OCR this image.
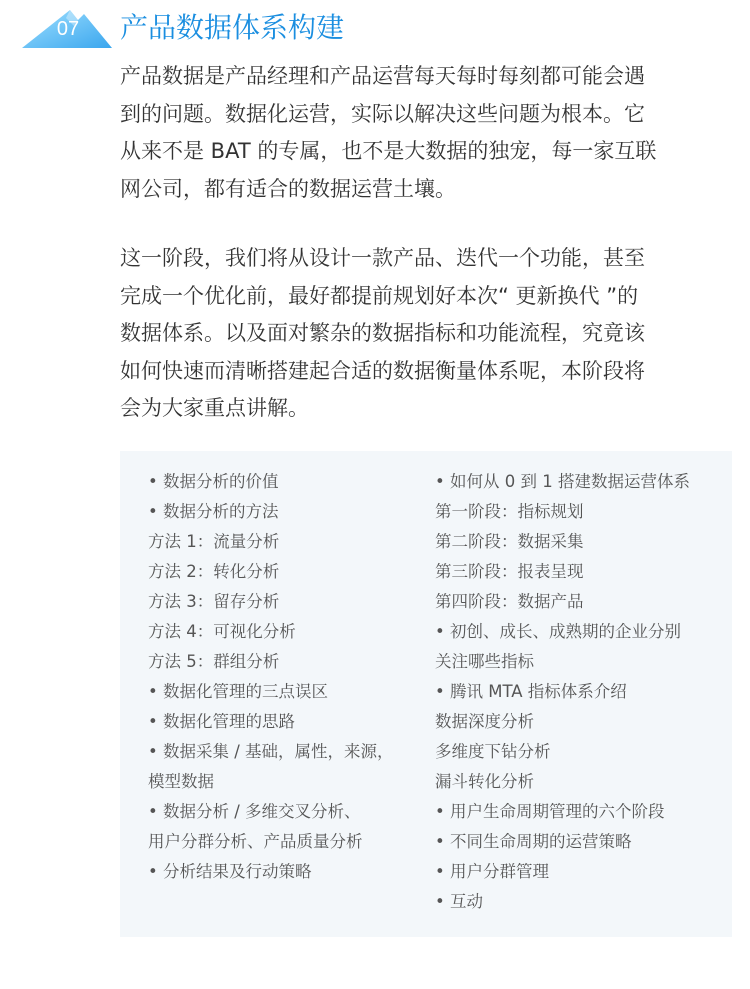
07	产品数据体系构建
产品数据是产品经理和产品运营每天每时每刻都可能会遇
到的问题。数据化运营，实际以解决这些问题为根本。它
从来不是 BAT 的专属，也不是大数据的独宠，每一家互联
网公司，都有适合的数据运营土壤。
这一阶段，我们将从设计一款产品、迭代一个功能，甚至
完成一个优化前，最好都提前规划好本次“ 更新换代 ”的
数据体系。以及面对繁杂的数据指标和功能流程，究竟该
如何快速而清晰搭建起合适的数据衡量体系呢，本阶段将
会为大家重点讲解。
• 数据分析的价值
• 数据分析的方法
方法 1：流量分析
方法 2：转化分析
方法 3：留存分析
方法 4：可视化分析
方法 5：群组分析
• 数据化管理的三点误区
• 数据化管理的思路
• 数据采集 / 基础，属性，来源，
模型数据
• 数据分析 / 多维交叉分析、
用户分群分析、产品质量分析
• 分析结果及行动策略
• 如何从 0 到 1 搭建数据运营体系
第一阶段：指标规划
第二阶段：数据采集
第三阶段：报表呈现
第四阶段：数据产品
• 初创、成长、成熟期的企业分别
关注哪些指标
• 腾讯 MTA 指标体系介绍
数据深度分析
多维度下钻分析
漏斗转化分析
• 用户生命周期管理的六个阶段
• 不同生命周期的运营策略
• 用户分群管理
• 互动
